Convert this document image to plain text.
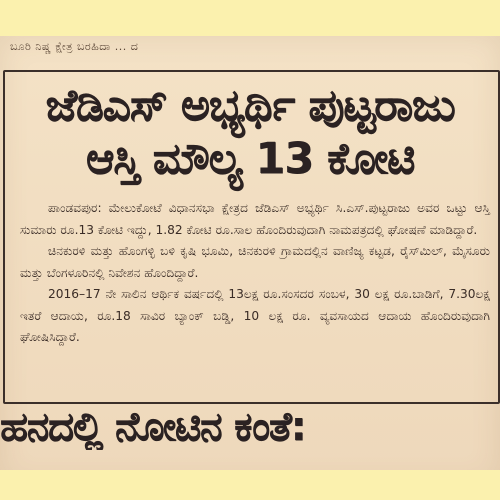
ಬೂರಿ ನಿಷ್ಣ ಕ್ಷೇತ್ರ ಬರಹಿದಾ ... ದ
ಜೆಡಿಎಸ್ ಅಭ್ಯರ್ಥಿ ಪುಟ್ಟರಾಜು
ಆಸ್ತಿ ಮೌಲ್ಯ 13 ಕೋಟಿ

ಪಾಂಡವಪುರ: ಮೇಲುಕೋಟೆ ವಿಧಾನಸಭಾ ಕ್ಷೇತ್ರದ ಜೆಡಿಎಸ್ ಅಭ್ಯರ್ಥಿ ಸಿ.ಎಸ್.ಪುಟ್ಟರಾಜು ಅವರ ಒಟ್ಟು ಆಸ್ತಿ ಸುಮಾರು ರೂ.13 ಕೋಟಿ ಇದ್ದು, 1.82 ಕೋಟಿ ರೂ.ಸಾಲ ಹೊಂದಿರುವುದಾಗಿ ನಾಮಪತ್ರದಲ್ಲಿ ಘೋಷಣೆ ಮಾಡಿದ್ದಾರೆ.

ಚಿನಕುರಳಿ ಮತ್ತು ಹೊಂಗಳ್ಳಿ ಬಳಿ ಕೃಷಿ ಭೂಮಿ, ಚಿನಕುರಳಿ ಗ್ರಾಮದಲ್ಲಿನ ವಾಣಿಜ್ಯ ಕಟ್ಟಡ, ರೈಸ್‌ಮಿಲ್, ಮೈಸೂರು ಮತ್ತು ಬೆಂಗಳೂರಿನಲ್ಲಿ ನಿವೇಶನ ಹೊಂದಿದ್ದಾರೆ.

2016–17 ನೇ ಸಾಲಿನ ಆರ್ಥಿಕ ವರ್ಷದಲ್ಲಿ 13ಲಕ್ಷ ರೂ.ಸಂಸದರ ಸಂಬಳ, 30 ಲಕ್ಷ ರೂ.ಬಾಡಿಗೆ, 7.30ಲಕ್ಷ ಇತರೆ ಆದಾಯ, ರೂ.18 ಸಾವಿರ ಬ್ಯಾಂಕ್ ಬಡ್ಡಿ, 10 ಲಕ್ಷ ರೂ. ವ್ಯವಸಾಯದ ಆದಾಯ ಹೊಂದಿರುವುದಾಗಿ ಘೋಷಿಸಿದ್ದಾರೆ.

ಹನದಲ್ಲಿ ನೋಟಿನ ಕಂತೆ:
